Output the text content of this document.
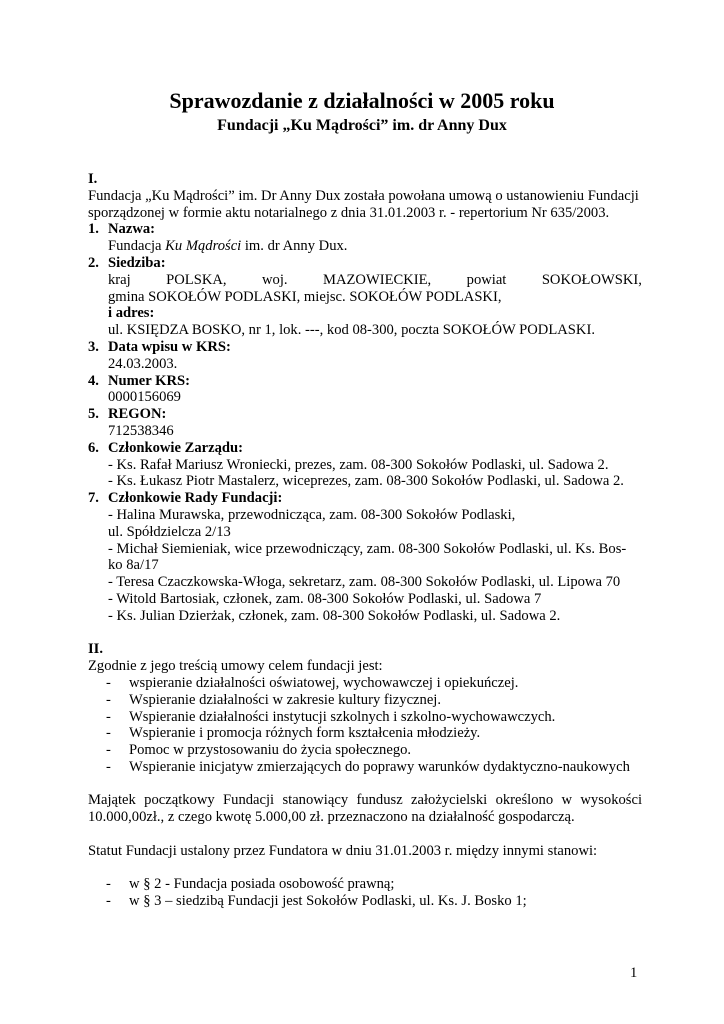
Sprawozdanie z działalności w 2005 roku
Fundacji „Ku Mądrości” im. dr Anny Dux
I.
Fundacja „Ku Mądrości” im. Dr Anny Dux została powołana umową o ustanowieniu Fundacji
sporządzonej w formie aktu notarialnego z dnia 31.01.2003 r. - repertorium Nr 635/2003.
1. Nazwa:
Fundacja Ku Mądrości im. dr Anny Dux.
2. Siedziba:
kraj POLSKA, woj. MAZOWIECKIE, powiat SOKOŁOWSKI,
gmina SOKOŁÓW PODLASKI, miejsc. SOKOŁÓW PODLASKI,
i adres:
ul. KSIĘDZA BOSKO, nr 1, lok. ---, kod 08-300, poczta SOKOŁÓW PODLASKI.
3. Data wpisu w KRS:
24.03.2003.
4. Numer KRS:
0000156069
5. REGON:
712538346
6. Członkowie Zarządu:
- Ks. Rafał Mariusz Wroniecki, prezes, zam. 08-300 Sokołów Podlaski, ul. Sadowa 2.
- Ks. Łukasz Piotr Mastalerz, wiceprezes, zam. 08-300 Sokołów Podlaski, ul. Sadowa 2.
7. Członkowie Rady Fundacji:
- Halina Murawska, przewodnicząca, zam. 08-300 Sokołów Podlaski,
ul. Spółdzielcza 2/13
- Michał Siemieniak, wice przewodniczący, zam. 08-300 Sokołów Podlaski, ul. Ks. Bos-
ko 8a/17
- Teresa Czaczkowska-Włoga, sekretarz, zam. 08-300 Sokołów Podlaski, ul. Lipowa 70
- Witold Bartosiak, członek, zam. 08-300 Sokołów Podlaski, ul. Sadowa 7
- Ks. Julian Dzierżak, członek, zam. 08-300 Sokołów Podlaski, ul. Sadowa 2.
II.
Zgodnie z jego treścią umowy celem fundacji jest:
-	wspieranie działalności oświatowej, wychowawczej i opiekuńczej.
-	Wspieranie działalności w zakresie kultury fizycznej.
-	Wspieranie działalności instytucji szkolnych i szkolno-wychowawczych.
-	Wspieranie i promocja różnych form kształcenia młodzieży.
-	Pomoc w przystosowaniu do życia społecznego.
-	Wspieranie inicjatyw zmierzających do poprawy warunków dydaktyczno-naukowych
Majątek początkowy Fundacji stanowiący fundusz założycielski określono w wysokości
10.000,00zł., z czego kwotę 5.000,00 zł. przeznaczono na działalność gospodarczą.
Statut Fundacji ustalony przez Fundatora w dniu 31.01.2003 r. między innymi stanowi:
-	w § 2 - Fundacja posiada osobowość prawną;
-	w § 3 – siedzibą Fundacji jest Sokołów Podlaski, ul. Ks. J. Bosko 1;
1
